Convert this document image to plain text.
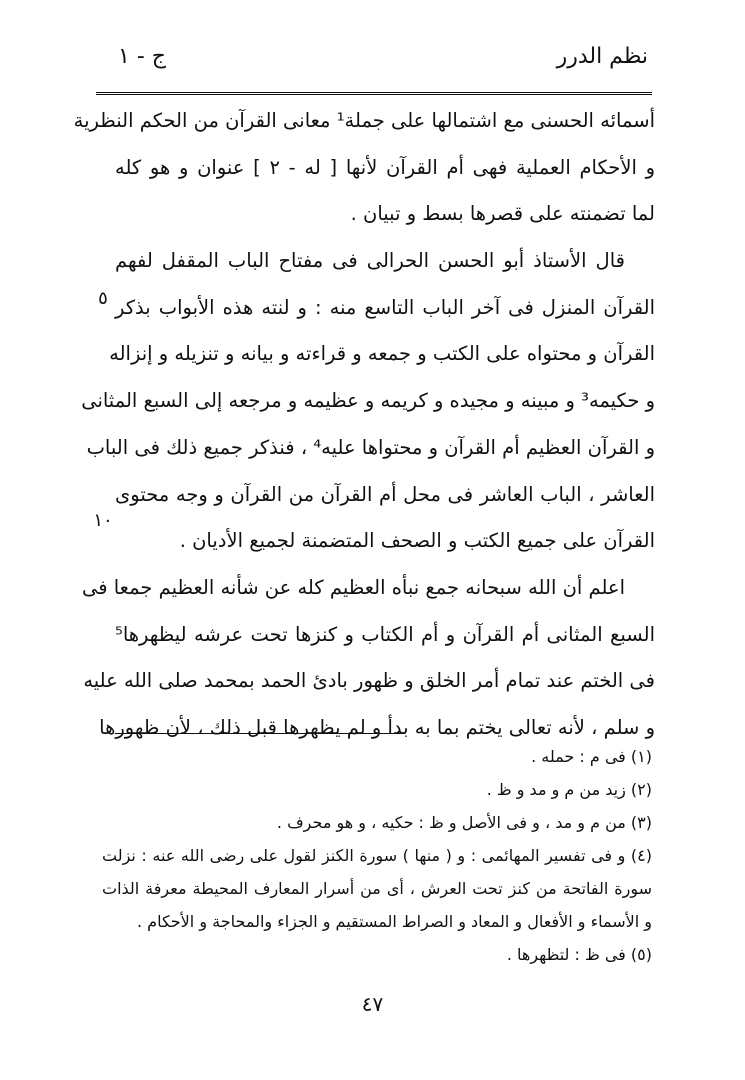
نظم الدرر
ج - ١
أسمائه الحسنى مع اشتمالها على جملة¹ معانى القرآن من الحكم النظرية
و الأحكام العملية فهى أم القرآن لأنها [ له - ٢ ] عنوان و هو كله
لما تضمنته على قصرها بسط و تبيان .
قال الأستاذ أبو الحسن الحرالى فى مفتاح الباب المقفل لفهم
القرآن المنزل فى آخر الباب التاسع منه : و لنته هذه الأبواب بذكر
القرآن و محتواه على الكتب و جمعه و قراءته و بيانه و تنزيله و إنزاله
و حكيمه³ و مبينه و مجيده و كريمه و عظيمه و مرجعه إلى السبع المثانى
و القرآن العظيم أم القرآن و محتواها عليه⁴ ، فنذكر جميع ذلك فى الباب
العاشر ، الباب العاشر فى محل أم القرآن من القرآن و وجه محتوى
القرآن على جميع الكتب و الصحف المتضمنة لجميع الأديان .
اعلم أن الله سبحانه جمع نبأه العظيم كله عن شأنه العظيم جمعا فى
السبع المثانى أم القرآن و أم الكتاب و كنزها تحت عرشه ليظهرها⁵
فى الختم عند تمام أمر الخلق و ظهور بادئ الحمد بمحمد صلى الله عليه
و سلم ، لأنه تعالى يختم بما به بدأ و لم يظهرها قبل ذلك ، لأن ظهورها
٥
١٠
(١) فى م : حمله .
(٢) زيد من م و مد و ظ .
(٣) من م و مد ، و فى الأصل و ظ : حكيه ، و هو محرف .
(٤) و فى تفسير المهائمى : و ( منها ) سورة الكنز لقول على رضى الله عنه : نزلت
سورة الفاتحة من كنز تحت العرش ، أى من أسرار المعارف المحيطة معرفة الذات
و الأسماء و الأفعال و المعاد و الصراط المستقيم و الجزاء والمحاجة و الأحكام .
(٥) فى ظ : لتظهرها .
٤٧
